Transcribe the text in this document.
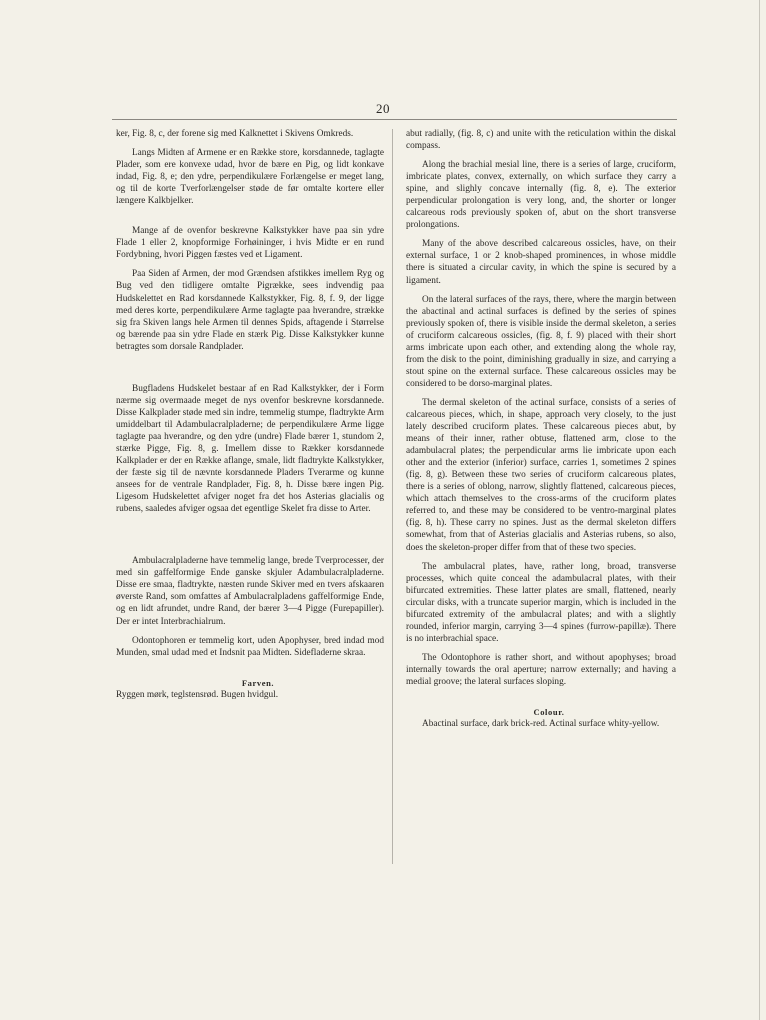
20

ker, Fig. 8, c, der forene sig med Kalknettet i Skivens Omkreds.

Langs Midten af Armene er en Række store, korsdannede, taglagte Plader, som ere konvexe udad, hvor de bære en Pig, og lidt konkave indad, Fig. 8, e; den ydre, perpendikulære Forlængelse er meget lang, og til de korte Tverforlængelser støde de før omtalte kortere eller længere Kalkbjelker.

Mange af de ovenfor beskrevne Kalkstykker have paa sin ydre Flade 1 eller 2, knopformige Forhøininger, i hvis Midte er en rund Fordybning, hvori Piggen fæstes ved et Ligament.

Paa Siden af Armen, der mod Grændsen afstikkes imellem Ryg og Bug ved den tidligere omtalte Pigrække, sees indvendig paa Hudskelettet en Rad korsdannede Kalkstykker, Fig. 8, f. 9, der ligge med deres korte, perpendikulære Arme taglagte paa hverandre, strække sig fra Skiven langs hele Armen til dennes Spids, aftagende i Størrelse og bærende paa sin ydre Flade en stærk Pig. Disse Kalkstykker kunne betragtes som dorsale Randplader.

Bugfladens Hudskelet bestaar af en Rad Kalkstykker, der i Form nærme sig overmaade meget de nys ovenfor beskrevne korsdannede. Disse Kalkplader støde med sin indre, temmelig stumpe, fladtrykte Arm umiddelbart til Adambulacralpladerne; de perpendikulære Arme ligge taglagte paa hverandre, og den ydre (undre) Flade bærer 1, stundom 2, stærke Pigge, Fig. 8, g. Imellem disse to Rækker korsdannede Kalkplader er der en Række aflange, smale, lidt fladtrykte Kalkstykker, der fæste sig til de nævnte korsdannede Pladers Tverarme og kunne ansees for de ventrale Randplader, Fig. 8, h. Disse bære ingen Pig. Ligesom Hudskelettet afviger noget fra det hos Asterias glacialis og rubens, saaledes afviger ogsaa det egentlige Skelet fra disse to Arter.

Ambulacralpladerne have temmelig lange, brede Tverprocesser, der med sin gaffelformige Ende ganske skjuler Adambulacralpladerne. Disse ere smaa, fladtrykte, næsten runde Skiver med en tvers afskaaren øverste Rand, som omfattes af Ambulacralpladens gaffelformige Ende, og en lidt afrundet, undre Rand, der bærer 3—4 Pigge (Furepapiller). Der er intet Interbrachialrum.

Odontophoren er temmelig kort, uden Apophyser, bred indad mod Munden, smal udad med et Indsnit paa Midten. Sidefladerne skraa.

Farven.

Ryggen mørk, teglstensrød. Bugen hvidgul.

abut radially, (fig. 8, c) and unite with the reticulation within the diskal compass.

Along the brachial mesial line, there is a series of large, cruciform, imbricate plates, convex, externally, on which surface they carry a spine, and slighly concave internally (fig. 8, e). The exterior perpendicular prolongation is very long, and, the shorter or longer calcareous rods previously spoken of, abut on the short transverse prolongations.

Many of the above described calcareous ossicles, have, on their external surface, 1 or 2 knob-shaped prominences, in whose middle there is situated a circular cavity, in which the spine is secured by a ligament.

On the lateral surfaces of the rays, there, where the margin between the abactinal and actinal surfaces is defined by the series of spines previously spoken of, there is visible inside the dermal skeleton, a series of cruciform calcareous ossicles, (fig. 8, f. 9) placed with their short arms imbricate upon each other, and extending along the whole ray, from the disk to the point, diminishing gradually in size, and carrying a stout spine on the external surface. These calcareous ossicles may be considered to be dorso-marginal plates.

The dermal skeleton of the actinal surface, consists of a series of calcareous pieces, which, in shape, approach very closely, to the just lately described cruciform plates. These calcareous pieces abut, by means of their inner, rather obtuse, flattened arm, close to the adambulacral plates; the perpendicular arms lie imbricate upon each other and the exterior (inferior) surface, carries 1, sometimes 2 spines (fig. 8, g). Between these two series of cruciform calcareous plates, there is a series of oblong, narrow, slightly flattened, calcareous pieces, which attach themselves to the cross-arms of the cruciform plates referred to, and these may be considered to be ventro-marginal plates (fig. 8, h). These carry no spines. Just as the dermal skeleton differs somewhat, from that of Asterias glacialis and Asterias rubens, so also, does the skeleton-proper differ from that of these two species.

The ambulacral plates, have, rather long, broad, transverse processes, which quite conceal the adambulacral plates, with their bifurcated extremities. These latter plates are small, flattened, nearly circular disks, with a truncate superior margin, which is included in the bifurcated extremity of the ambulacral plates; and with a slightly rounded, inferior margin, carrying 3—4 spines (furrow-papillæ). There is no interbrachial space.

The Odontophore is rather short, and without apophyses; broad internally towards the oral aperture; narrow externally; and having a medial groove; the lateral surfaces sloping.

Colour.

Abactinal surface, dark brick-red. Actinal surface whity-yellow.
